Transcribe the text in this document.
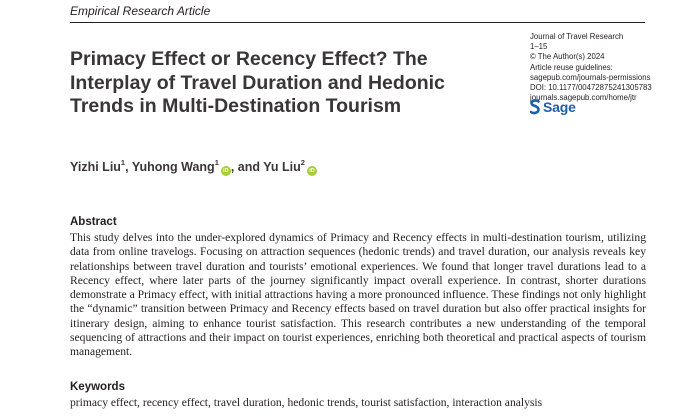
Empirical Research Article
Primacy Effect or Recency Effect? The Interplay of Travel Duration and Hedonic Trends in Multi-Destination Tourism
Journal of Travel Research
1–15
© The Author(s) 2024
Article reuse guidelines:
sagepub.com/journals-permissions
DOI: 10.1177/00472875241305783
journals.sagepub.com/home/jtr
Sage
Yizhi Liu$^1$, Yuhong Wang$^1$iD , and Yu Liu$^2$iD
Abstract

This study delves into the under-explored dynamics of Primacy and Recency effects in multi-destination tourism, utilizing data from online travelogs. Focusing on attraction sequences (hedonic trends) and travel duration, our analysis reveals key relationships between travel duration and tourists’ emotional experiences. We found that longer travel durations lead to a Recency effect, where later parts of the journey significantly impact overall experience. In contrast, shorter durations demonstrate a Primacy effect, with initial attractions having a more pronounced influence. These findings not only highlight the “dynamic” transition between Primacy and Recency effects based on travel duration but also offer practical insights for itinerary design, aiming to enhance tourist satisfaction. This research contributes a new understanding of the temporal sequencing of attractions and their impact on tourist experiences, enriching both theoretical and practical aspects of tourism management.

Keywords

primacy effect, recency effect, travel duration, hedonic trends, tourist satisfaction, interaction analysis
